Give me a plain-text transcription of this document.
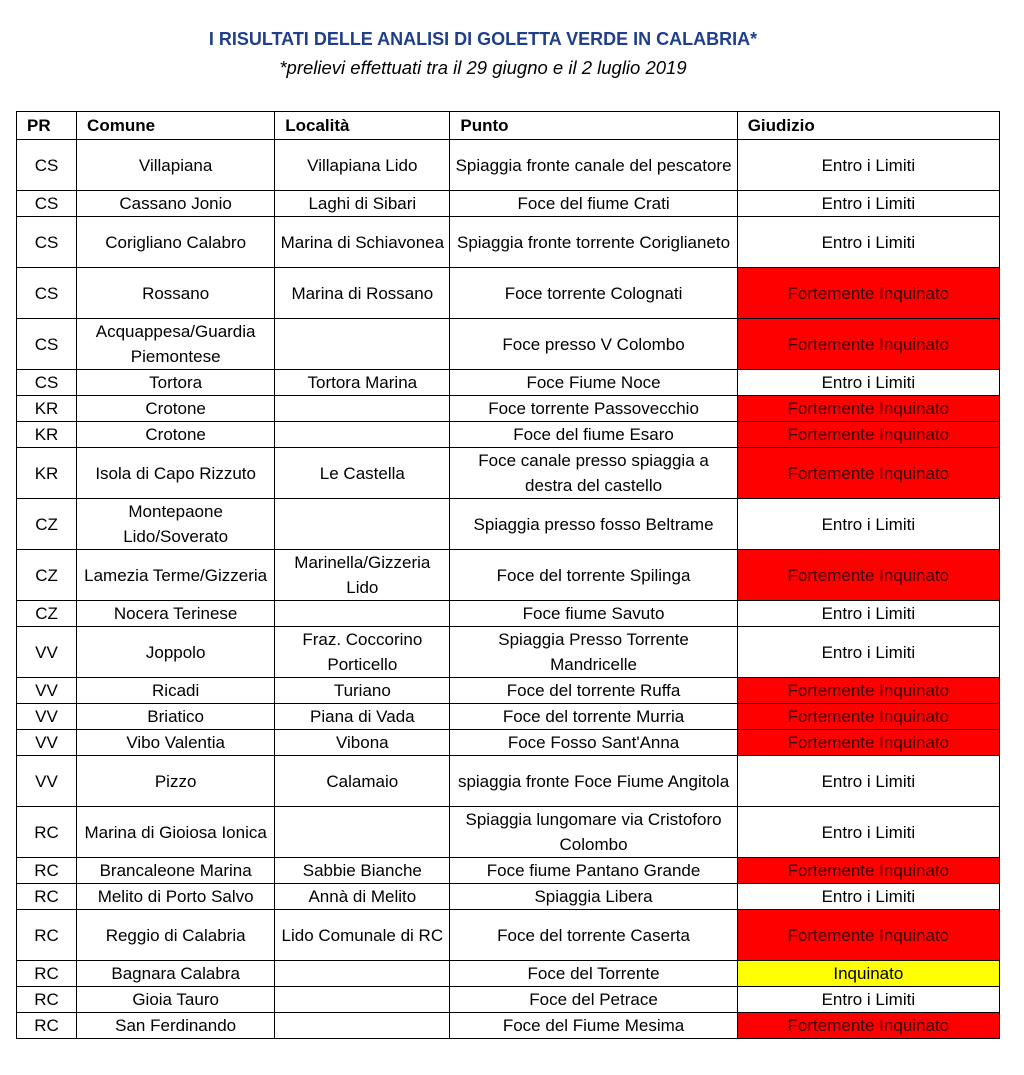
I RISULTATI DELLE ANALISI DI GOLETTA VERDE IN CALABRIA*
*prelievi effettuati tra il 29 giugno e il 2 luglio 2019
PR	Comune	Località	Punto	Giudizio
CS	Villapiana	Villapiana Lido	Spiaggia fronte canale del pescatore	Entro i Limiti
CS	Cassano Jonio	Laghi di Sibari	Foce del fiume Crati	Entro i Limiti
CS	Corigliano Calabro	Marina di Schiavonea	Spiaggia fronte torrente Coriglianeto	Entro i Limiti
CS	Rossano	Marina di Rossano	Foce torrente Colognati	Fortemente Inquinato
CS	Acquappesa/Guardia Piemontese		Foce presso V Colombo	Fortemente Inquinato
CS	Tortora	Tortora Marina	Foce Fiume Noce	Entro i Limiti
KR	Crotone		Foce torrente Passovecchio	Fortemente Inquinato
KR	Crotone		Foce del fiume Esaro	Fortemente Inquinato
KR	Isola di Capo Rizzuto	Le Castella	Foce canale presso spiaggia a destra del castello	Fortemente Inquinato
CZ	Montepaone Lido/Soverato		Spiaggia presso fosso Beltrame	Entro i Limiti
CZ	Lamezia Terme/Gizzeria	Marinella/Gizzeria Lido	Foce del torrente Spilinga	Fortemente Inquinato
CZ	Nocera Terinese		Foce fiume Savuto	Entro i Limiti
VV	Joppolo	Fraz. Coccorino Porticello	Spiaggia Presso Torrente Mandricelle	Entro i Limiti
VV	Ricadi	Turiano	Foce del torrente Ruffa	Fortemente Inquinato
VV	Briatico	Piana di Vada	Foce del torrente Murria	Fortemente Inquinato
VV	Vibo Valentia	Vibona	Foce Fosso Sant'Anna	Fortemente Inquinato
VV	Pizzo	Calamaio	spiaggia fronte Foce Fiume Angitola	Entro i Limiti
RC	Marina di Gioiosa Ionica		Spiaggia lungomare via Cristoforo Colombo	Entro i Limiti
RC	Brancaleone Marina	Sabbie Bianche	Foce fiume Pantano Grande	Fortemente Inquinato
RC	Melito di Porto Salvo	Annà di Melito	Spiaggia Libera	Entro i Limiti
RC	Reggio di Calabria	Lido Comunale di RC	Foce del torrente Caserta	Fortemente Inquinato
RC	Bagnara Calabra		Foce del Torrente	Inquinato
RC	Gioia Tauro		Foce del Petrace	Entro i Limiti
RC	San Ferdinando		Foce del Fiume Mesima	Fortemente Inquinato
